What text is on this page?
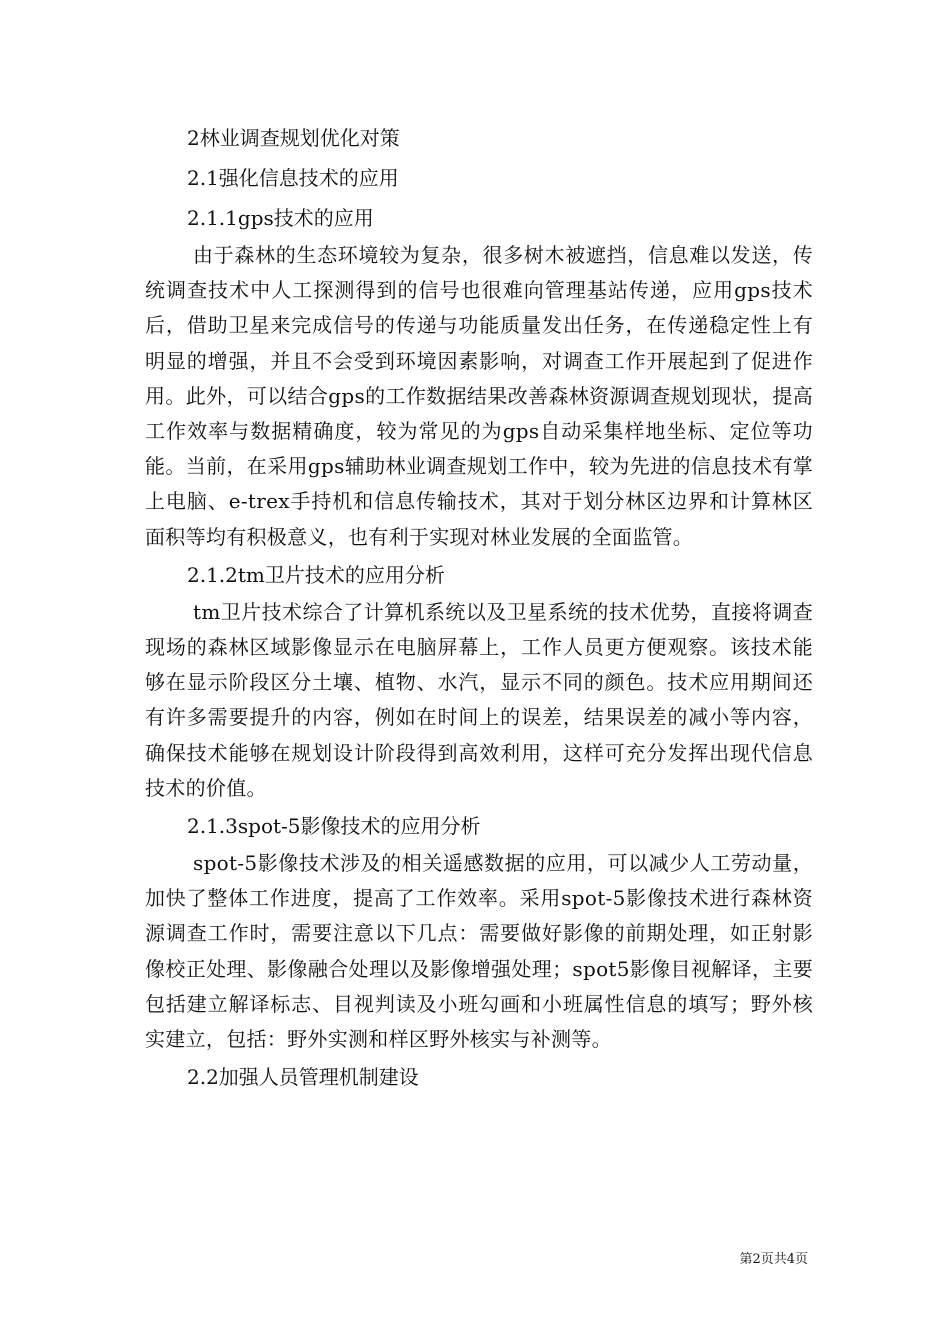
2林业调查规划优化对策

2.1强化信息技术的应用

2.1.1gps技术的应用

由于森林的生态环境较为复杂，很多树木被遮挡，信息难以发送，传统调查技术中人工探测得到的信号也很难向管理基站传递，应用gps技术后，借助卫星来完成信号的传递与功能质量发出任务，在传递稳定性上有明显的增强，并且不会受到环境因素影响，对调查工作开展起到了促进作用。此外，可以结合gps的工作数据结果改善森林资源调查规划现状，提高工作效率与数据精确度，较为常见的为gps自动采集样地坐标、定位等功能。当前，在采用gps辅助林业调查规划工作中，较为先进的信息技术有掌上电脑、e-trex手持机和信息传输技术，其对于划分林区边界和计算林区面积等均有积极意义，也有利于实现对林业发展的全面监管。

2.1.2tm卫片技术的应用分析

tm卫片技术综合了计算机系统以及卫星系统的技术优势，直接将调查现场的森林区域影像显示在电脑屏幕上，工作人员更方便观察。该技术能够在显示阶段区分土壤、植物、水汽，显示不同的颜色。技术应用期间还有许多需要提升的内容，例如在时间上的误差，结果误差的减小等内容，确保技术能够在规划设计阶段得到高效利用，这样可充分发挥出现代信息技术的价值。

2.1.3spot-5影像技术的应用分析

spot-5影像技术涉及的相关遥感数据的应用，可以减少人工劳动量，加快了整体工作进度，提高了工作效率。采用spot-5影像技术进行森林资源调查工作时，需要注意以下几点：需要做好影像的前期处理，如正射影像校正处理、影像融合处理以及影像增强处理；spot5影像目视解译，主要包括建立解译标志、目视判读及小班勾画和小班属性信息的填写；野外核实建立，包括：野外实测和样区野外核实与补测等。

2.2加强人员管理机制建设

第2页共4页
